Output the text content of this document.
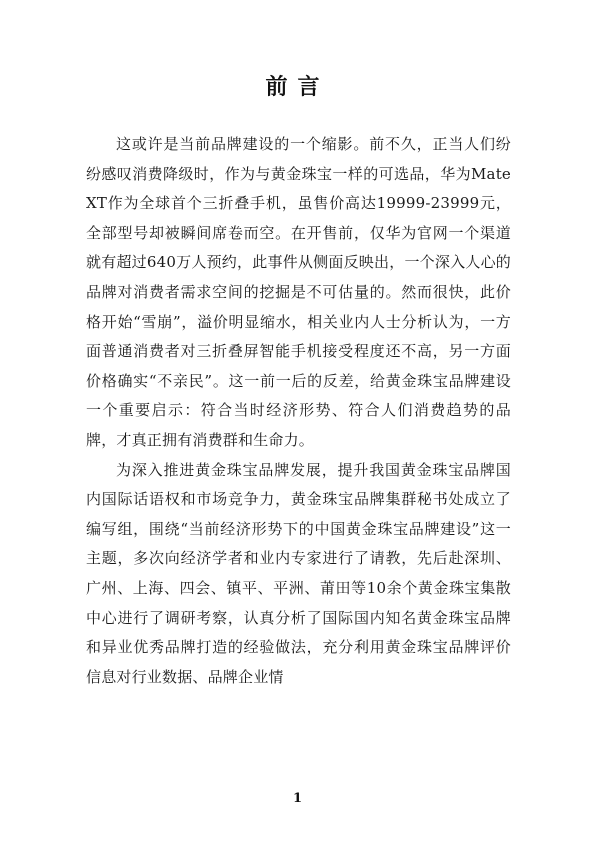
前言

这或许是当前品牌建设的一个缩影。前不久，正当人们纷纷感叹消费降级时，作为与黄金珠宝一样的可选品，华为Mate XT作为全球首个三折叠手机，虽售价高达19999-23999元，全部型号却被瞬间席卷而空。在开售前，仅华为官网一个渠道就有超过640万人预约，此事件从侧面反映出，一个深入人心的品牌对消费者需求空间的挖掘是不可估量的。然而很快，此价格开始“雪崩”，溢价明显缩水，相关业内人士分析认为，一方面普通消费者对三折叠屏智能手机接受程度还不高，另一方面价格确实“不亲民”。这一前一后的反差，给黄金珠宝品牌建设一个重要启示：符合当时经济形势、符合人们消费趋势的品牌，才真正拥有消费群和生命力。

为深入推进黄金珠宝品牌发展，提升我国黄金珠宝品牌国内国际话语权和市场竞争力，黄金珠宝品牌集群秘书处成立了编写组，围绕“当前经济形势下的中国黄金珠宝品牌建设”这一主题，多次向经济学者和业内专家进行了请教，先后赴深圳、广州、上海、四会、镇平、平洲、莆田等10余个黄金珠宝集散中心进行了调研考察，认真分析了国际国内知名黄金珠宝品牌和异业优秀品牌打造的经验做法，充分利用黄金珠宝品牌评价信息对行业数据、品牌企业情

1
